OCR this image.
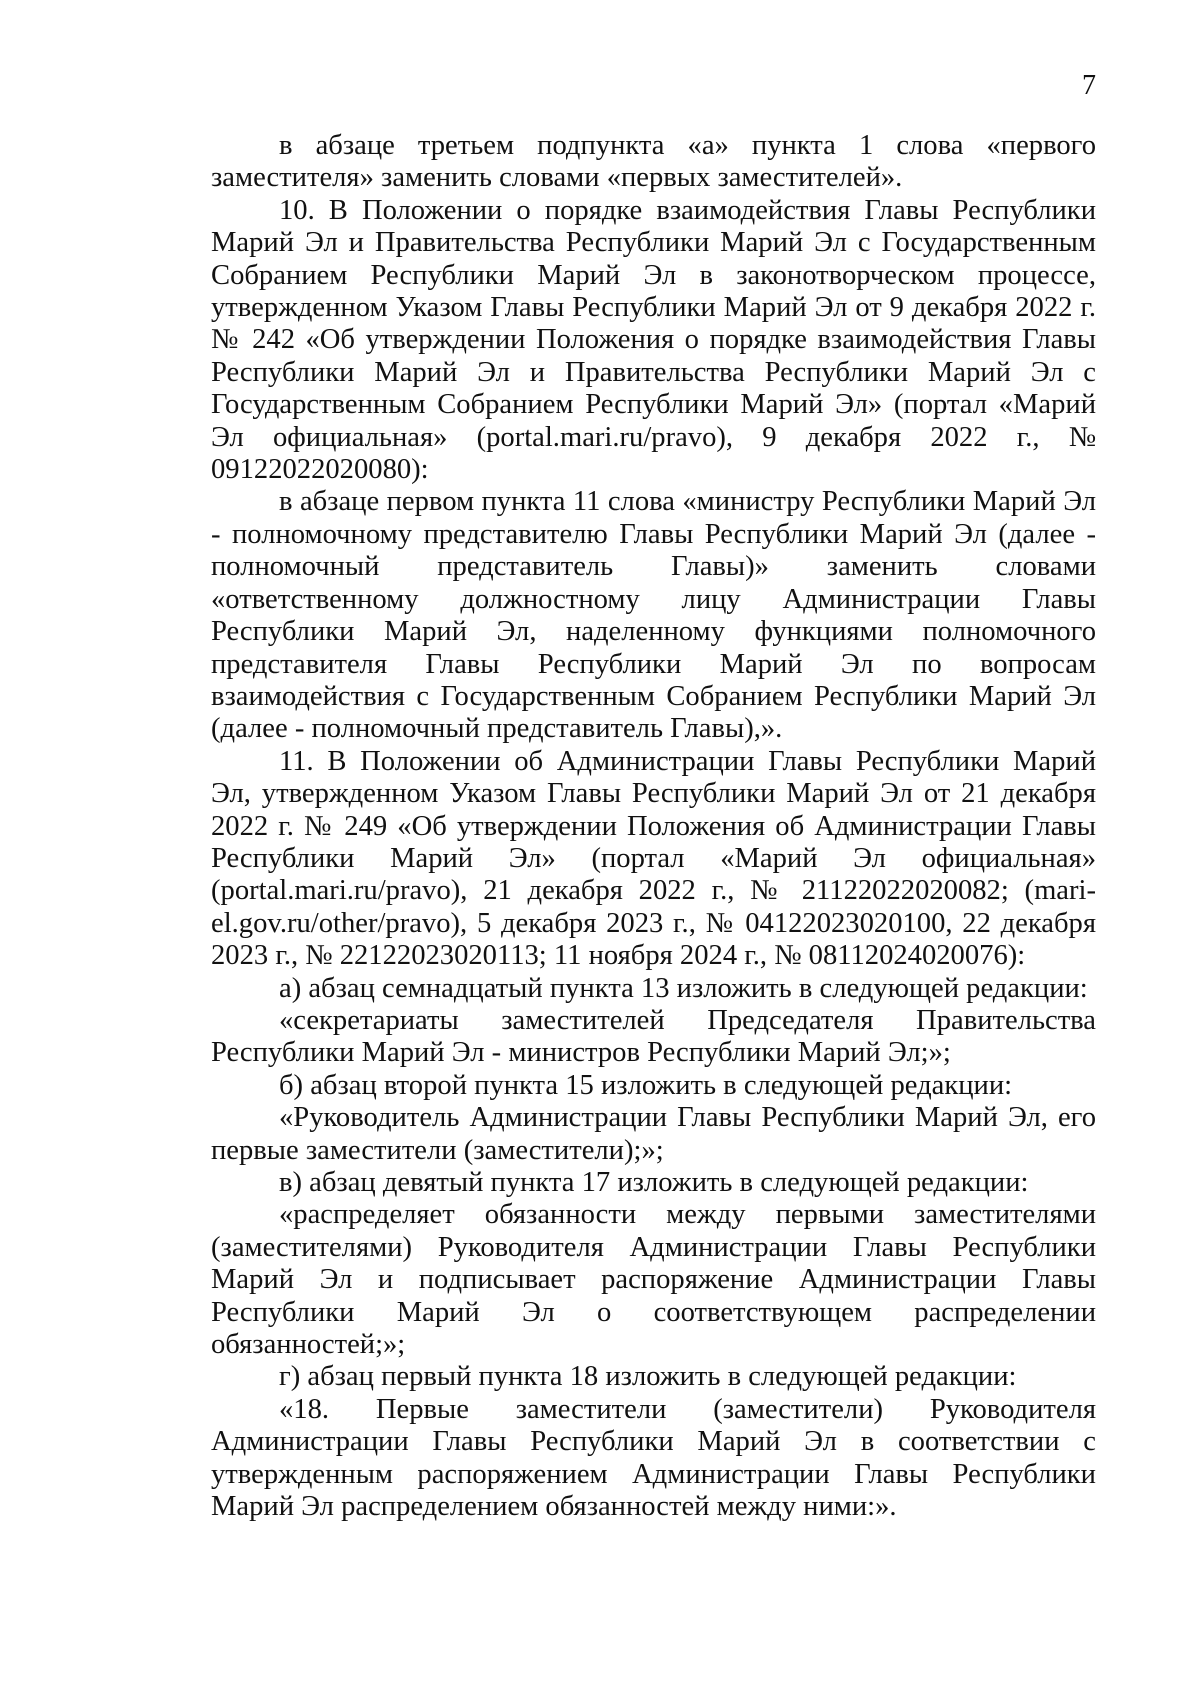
7

в абзаце третьем подпункта «а» пункта 1 слова «первого заместителя» заменить словами «первых заместителей».

10. В Положении о порядке взаимодействия Главы Республики Марий Эл и Правительства Республики Марий Эл с Государственным Собранием Республики Марий Эл в законотворческом процессе, утвержденном Указом Главы Республики Марий Эл от 9 декабря 2022 г. № 242 «Об утверждении Положения о порядке взаимодействия Главы Республики Марий Эл и Правительства Республики Марий Эл с Государственным Собранием Республики Марий Эл» (портал «Марий Эл официальная» (portal.mari.ru/pravo), 9 декабря 2022 г., № 09122022020080):

в абзаце первом пункта 11 слова «министру Республики Марий Эл - полномочному представителю Главы Республики Марий Эл (далее - полномочный представитель Главы)» заменить словами «ответственному должностному лицу Администрации Главы Республики Марий Эл, наделенному функциями полномочного представителя Главы Республики Марий Эл по вопросам взаимодействия с Государственным Собранием Республики Марий Эл (далее - полномочный представитель Главы),».

11. В Положении об Администрации Главы Республики Марий Эл, утвержденном Указом Главы Республики Марий Эл от 21 декабря 2022 г. № 249 «Об утверждении Положения об Администрации Главы Республики Марий Эл» (портал «Марий Эл официальная» (portal.mari.ru/pravo), 21 декабря 2022 г., № 21122022020082; (mari-el.gov.ru/other/pravo), 5 декабря 2023 г., № 04122023020100, 22 декабря 2023 г., № 22122023020113; 11 ноября 2024 г., № 08112024020076):

а) абзац семнадцатый пункта 13 изложить в следующей редакции:

«секретариаты заместителей Председателя Правительства Республики Марий Эл - министров Республики Марий Эл;»;

б) абзац второй пункта 15 изложить в следующей редакции:

«Руководитель Администрации Главы Республики Марий Эл, его первые заместители (заместители);»;

в) абзац девятый пункта 17 изложить в следующей редакции:

«распределяет обязанности между первыми заместителями (заместителями) Руководителя Администрации Главы Республики Марий Эл и подписывает распоряжение Администрации Главы Республики Марий Эл о соответствующем распределении обязанностей;»;

г) абзац первый пункта 18 изложить в следующей редакции:

«18. Первые заместители (заместители) Руководителя Администрации Главы Республики Марий Эл в соответствии с утвержденным распоряжением Администрации Главы Республики Марий Эл распределением обязанностей между ними:».
